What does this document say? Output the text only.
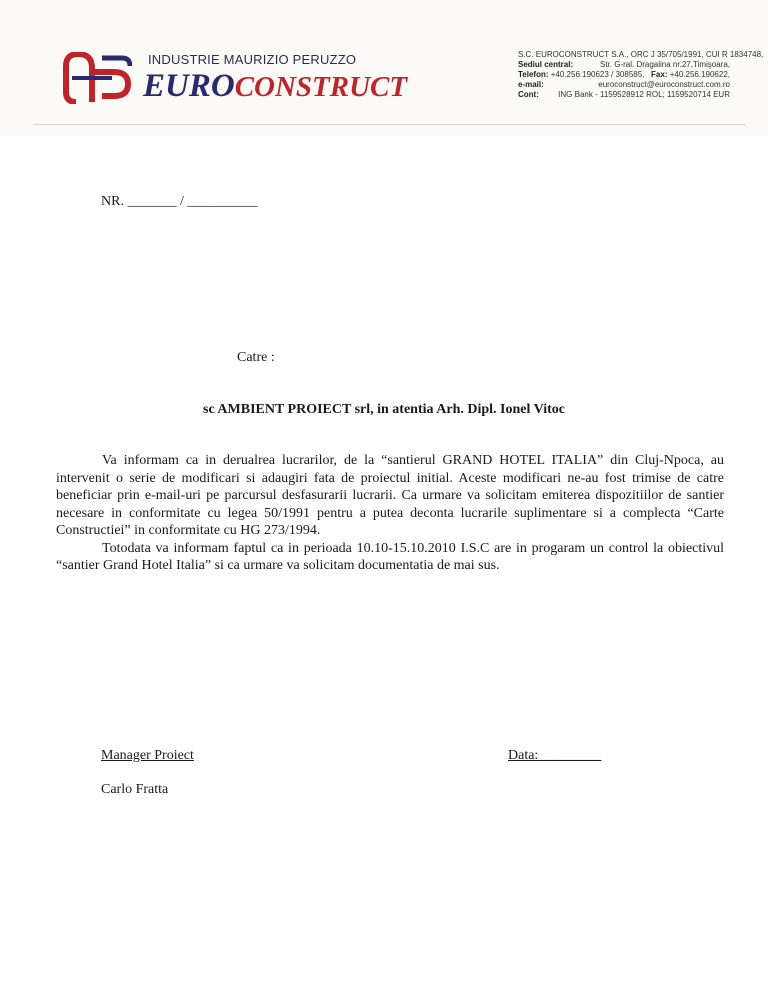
INDUSTRIE MAURIZIO PERUZZO
EUROCONSTRUCT
S.C. EUROCONSTRUCT S.A., ORC J 35/705/1991, CUI R 1834748,
Sediul central:	Str. G-ral. Dragalina nr.27,Timişoara,
Telefon: +40.256.190623 / 308585, Fax: +40.256.190622,
e-mail:	euroconstruct@euroconstruct.com.ro
Cont: ING Bank - 1159528912 ROL; 1159520714 EUR
NR. _______ / __________
Catre :
sc AMBIENT PROIECT srl, in atentia Arh. Dipl. Ionel Vitoc

Va informam ca in derualrea lucrarilor, de la “santierul GRAND HOTEL ITALIA” din Cluj-Npoca, au intervenit o serie de modificari si adaugiri fata de proiectul initial. Aceste modificari ne-au fost trimise de catre beneficiar prin e-mail-uri pe parcursul desfasurarii lucrarii. Ca urmare va solicitam emiterea dispozitiilor de santier necesare in conformitate cu legea 50/1991 pentru a putea deconta lucrarile suplimentare si a complecta “Carte Constructiei” in conformitate cu HG 273/1994.

Totodata va informam faptul ca in perioada 10.10-15.10.2010 I.S.C are in progaram un control la obiectivul “santier Grand Hotel Italia” si ca urmare va solicitam documentatia de mai sus.

Manager Proiect	Data:_________
Carlo Fratta
